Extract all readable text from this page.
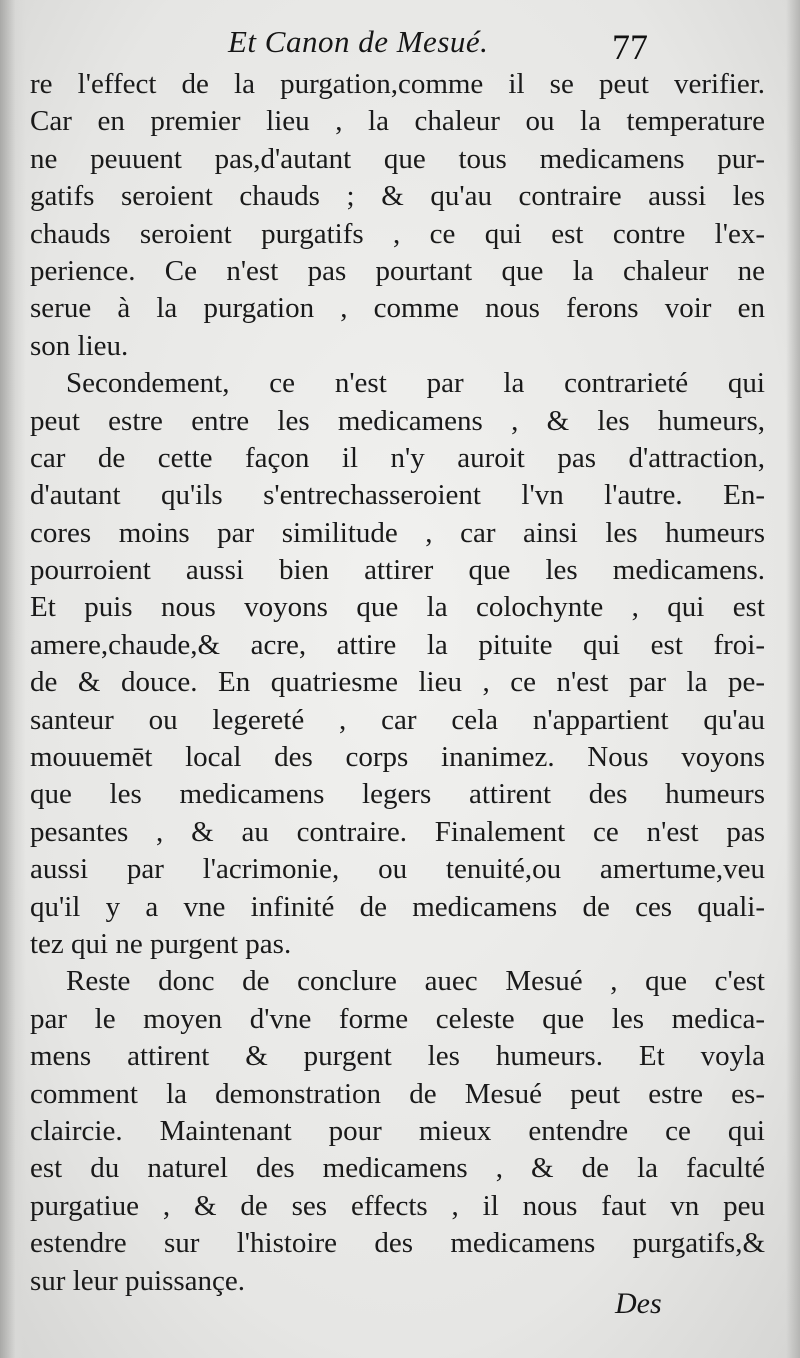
Et Canon de Mesué.	77
re l'effect de la purgation,comme il se peut verifier.
Car en premier lieu , la chaleur ou la temperature
ne peuuent pas,d'autant que tous medicamens pur-
gatifs seroient chauds ; & qu'au contraire aussi les
chauds seroient purgatifs , ce qui est contre l'ex-
perience. Ce n'est pas pourtant que la chaleur ne
serue à la purgation , comme nous ferons voir en
son lieu.
Secondement, ce n'est par la contrarieté qui
peut estre entre les medicamens , & les humeurs,
car de cette façon il n'y auroit pas d'attraction,
d'autant qu'ils s'entrechasseroient l'vn l'autre. En-
cores moins par similitude , car ainsi les humeurs
pourroient aussi bien attirer que les medicamens.
Et puis nous voyons que la colochynte , qui est
amere,chaude,& acre, attire la pituite qui est froi-
de & douce. En quatriesme lieu , ce n'est par la pe-
santeur ou legereté , car cela n'appartient qu'au
mouuemēt local des corps inanimez. Nous voyons
que les medicamens legers attirent des humeurs
pesantes , & au contraire. Finalement ce n'est pas
aussi par l'acrimonie, ou tenuité,ou amertume,veu
qu'il y a vne infinité de medicamens de ces quali-
tez qui ne purgent pas.
Reste donc de conclure auec Mesué , que c'est
par le moyen d'vne forme celeste que les medica-
mens attirent & purgent les humeurs. Et voyla
comment la demonstration de Mesué peut estre es-
claircie. Maintenant pour mieux entendre ce qui
est du naturel des medicamens , & de la faculté
purgatiue , & de ses effects , il nous faut vn peu
estendre sur l'histoire des medicamens purgatifs,&
sur leur puissançe.
Des
